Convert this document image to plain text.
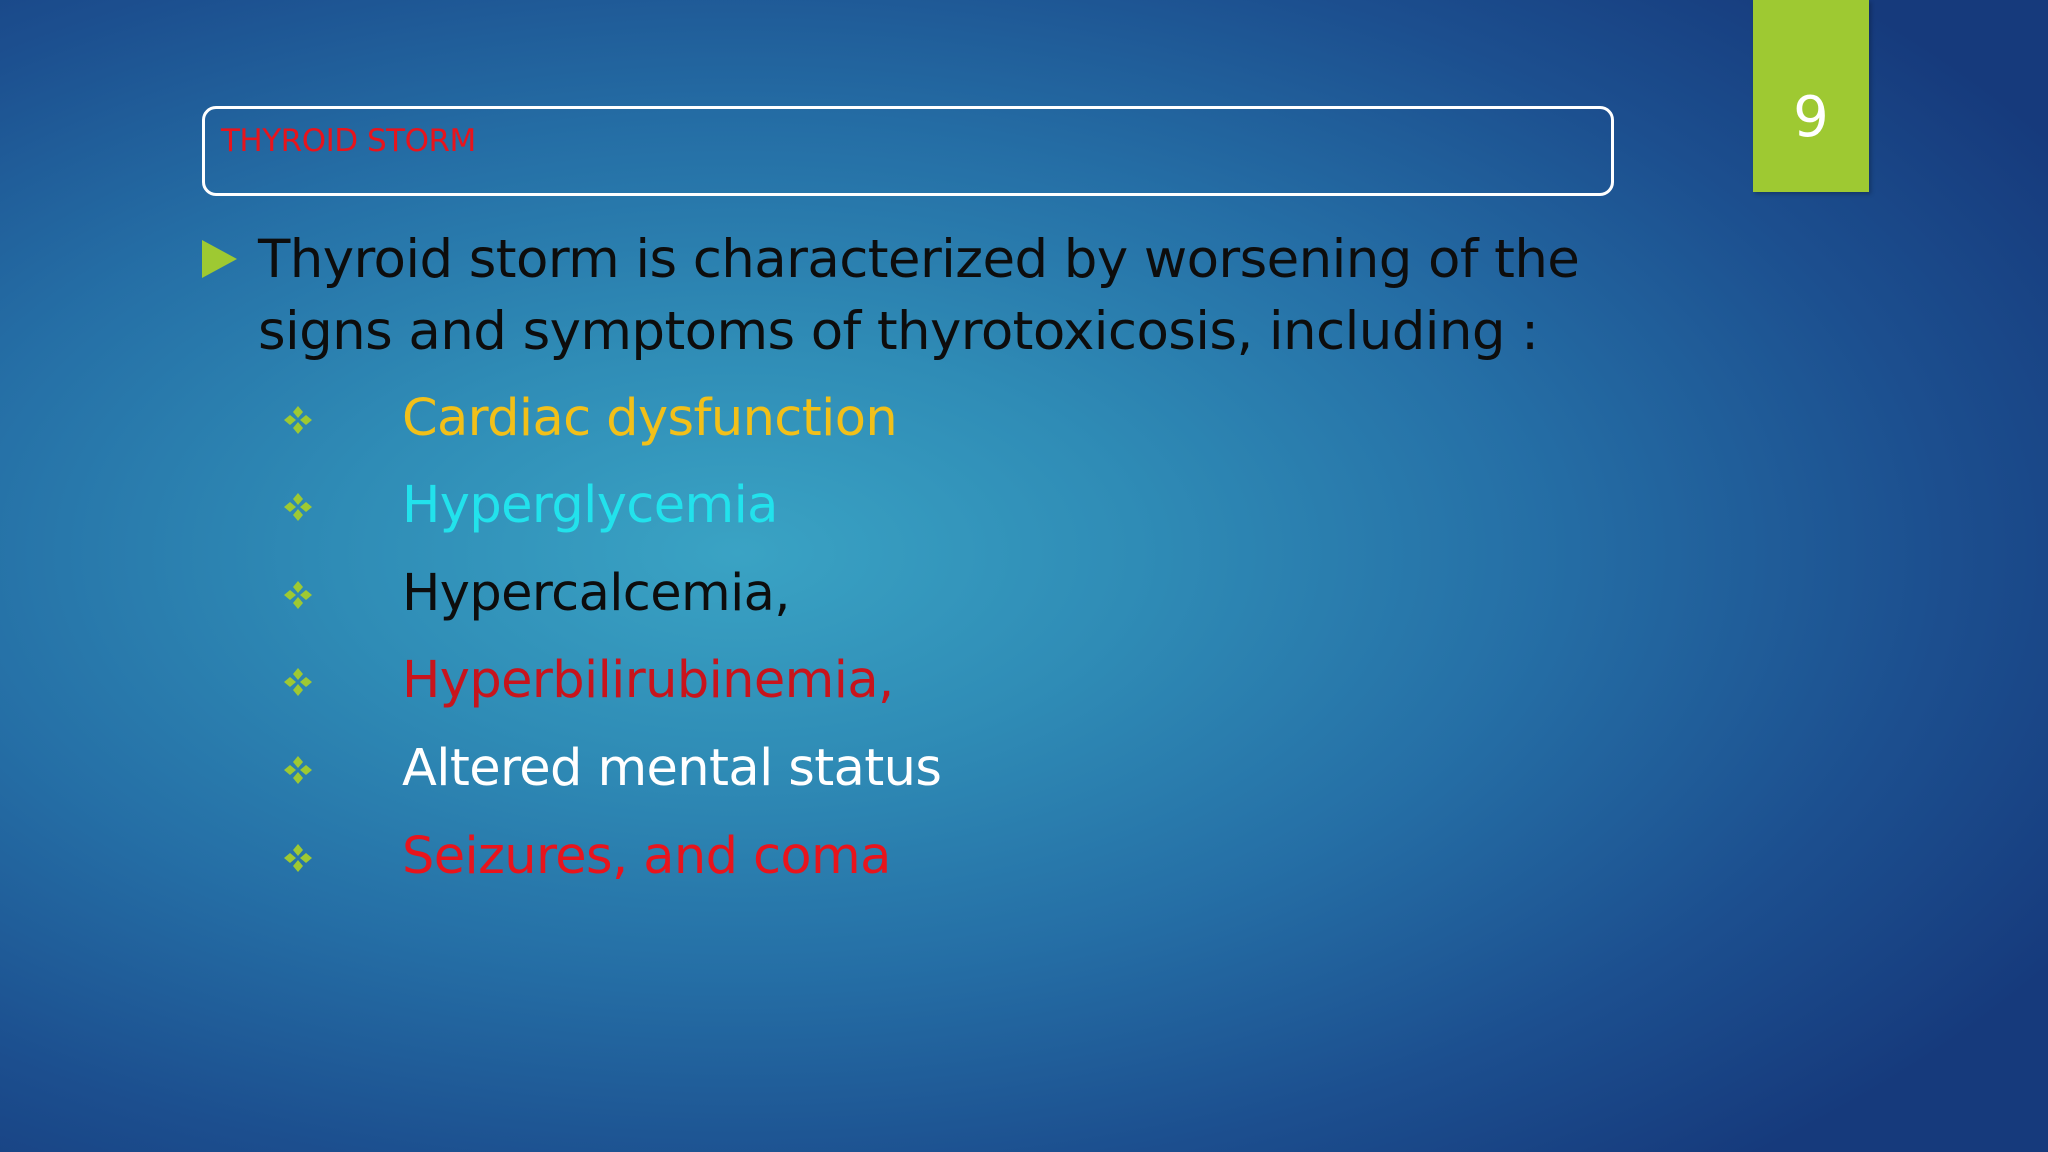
THYROID STORM	9
Thyroid storm is characterized by worsening of the signs and symptoms of thyrotoxicosis, including :
Cardiac dysfunction
Hyperglycemia
Hypercalcemia,
Hyperbilirubinemia,
Altered mental status
Seizures, and coma
